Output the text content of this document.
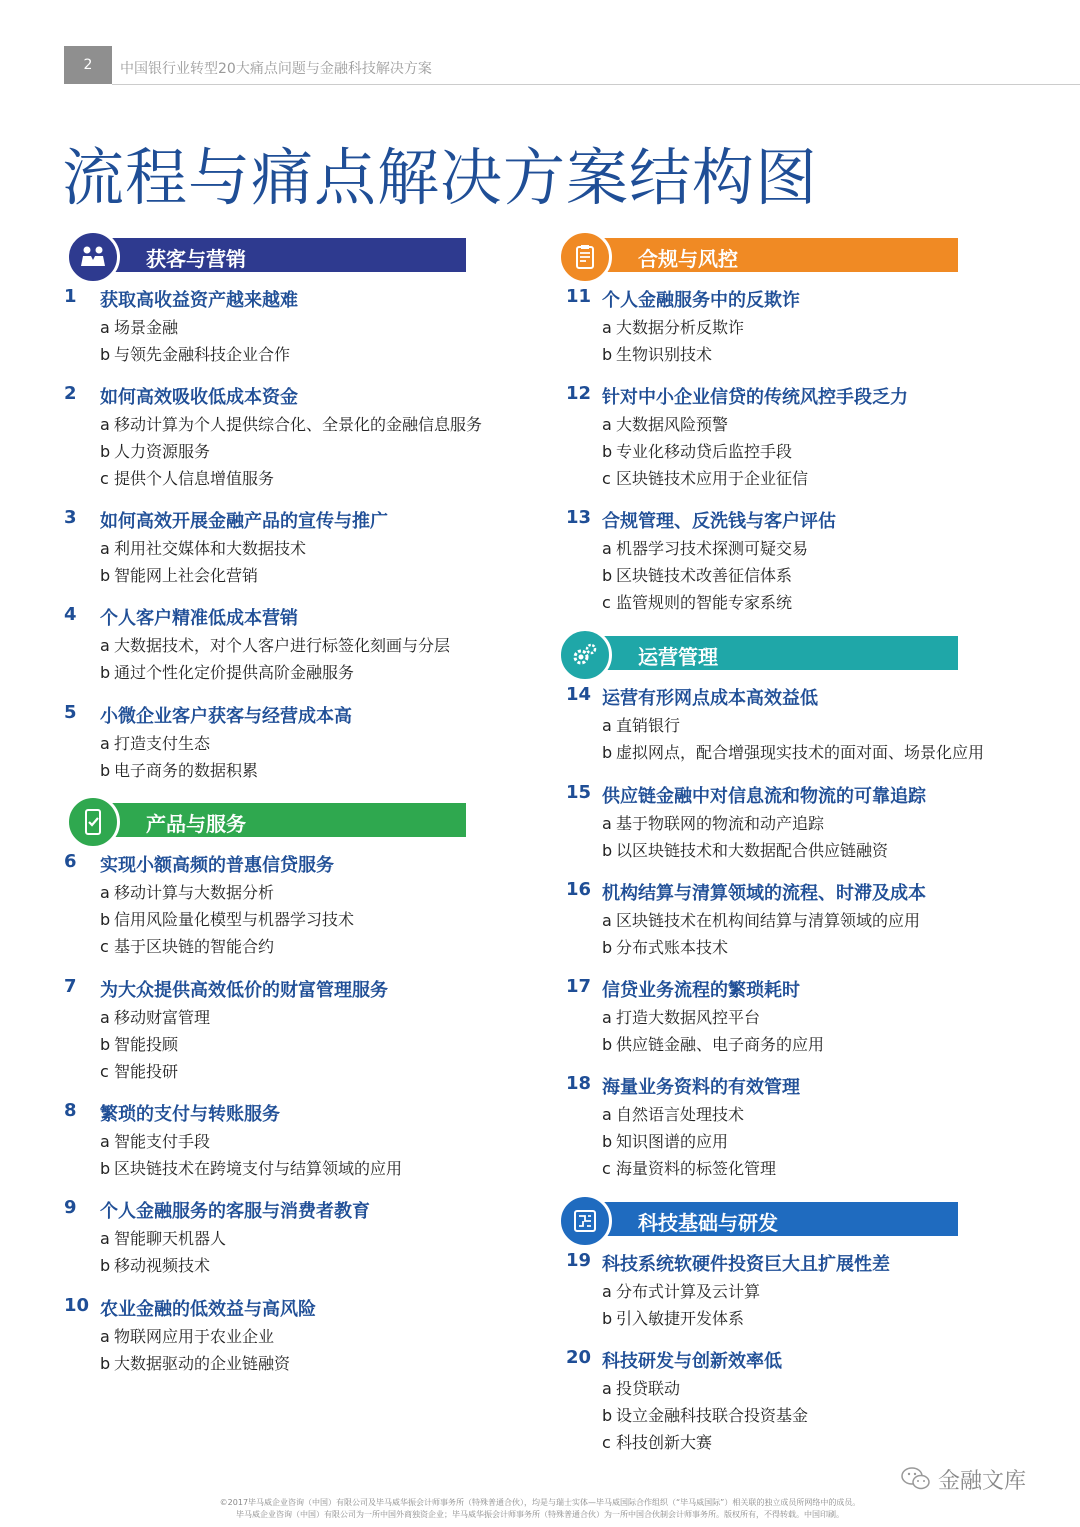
2	中国银行业转型20大痛点问题与金融科技解决方案
流程与痛点解决方案结构图
获客与营销
产品与服务
合规与风控
运营管理
科技基础与研发
1 获取高收益资产越来越难
a 场景金融
b 与领先金融科技企业合作
2 如何高效吸收低成本资金
a 移动计算为个人提供综合化、全景化的金融信息服务
b 人力资源服务
c 提供个人信息增值服务
3 如何高效开展金融产品的宣传与推广
a 利用社交媒体和大数据技术
b 智能网上社会化营销
4 个人客户精准低成本营销
a 大数据技术，对个人客户进行标签化刻画与分层
b 通过个性化定价提供高阶金融服务
5 小微企业客户获客与经营成本高
a 打造支付生态
b 电子商务的数据积累
6 实现小额高频的普惠信贷服务
a 移动计算与大数据分析
b 信用风险量化模型与机器学习技术
c 基于区块链的智能合约
7 为大众提供高效低价的财富管理服务
a 移动财富管理
b 智能投顾
c 智能投研
8 繁琐的支付与转账服务
a 智能支付手段
b 区块链技术在跨境支付与结算领域的应用
9 个人金融服务的客服与消费者教育
a 智能聊天机器人
b 移动视频技术
10 农业金融的低效益与高风险
a 物联网应用于农业企业
b 大数据驱动的企业链融资
11 个人金融服务中的反欺诈
a 大数据分析反欺诈
b 生物识别技术
12 针对中小企业信贷的传统风控手段乏力
a 大数据风险预警
b 专业化移动贷后监控手段
c 区块链技术应用于企业征信
13 合规管理、反洗钱与客户评估
a 机器学习技术探测可疑交易
b 区块链技术改善征信体系
c 监管规则的智能专家系统
14 运营有形网点成本高效益低
a 直销银行
b 虚拟网点，配合增强现实技术的面对面、场景化应用
15 供应链金融中对信息流和物流的可靠追踪
a 基于物联网的物流和动产追踪
b 以区块链技术和大数据配合供应链融资
16 机构结算与清算领域的流程、时滞及成本
a 区块链技术在机构间结算与清算领域的应用
b 分布式账本技术
17 信贷业务流程的繁琐耗时
a 打造大数据风控平台
b 供应链金融、电子商务的应用
18 海量业务资料的有效管理
a 自然语言处理技术
b 知识图谱的应用
c 海量资料的标签化管理
19 科技系统软硬件投资巨大且扩展性差
a 分布式计算及云计算
b 引入敏捷开发体系
20 科技研发与创新效率低
a 投贷联动
b 设立金融科技联合投资基金
c 科技创新大赛
金融文库
©2017毕马威企业咨询（中国）有限公司及毕马威华振会计师事务所（特殊普通合伙），均是与瑞士实体—毕马威国际合作组织（“毕马威国际”）相关联的独立成员所网络中的成员。
毕马威企业咨询（中国）有限公司为一所中国外商独资企业；毕马威华振会计师事务所（特殊普通合伙）为一所中国合伙制会计师事务所。版权所有，不得转载。中国印刷。
